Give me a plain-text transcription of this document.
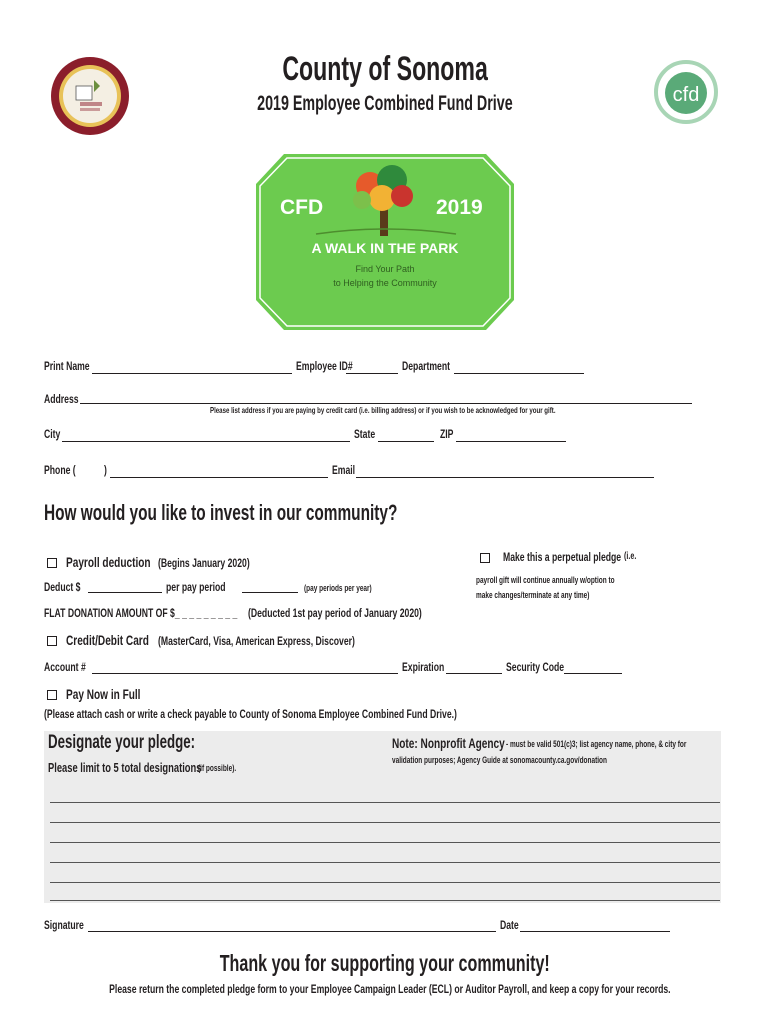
County of Sonoma
2019 Employee Combined Fund Drive	cfd
CFD	2019
A WALK IN THE PARK
Find Your Path
to Helping the Community
Print Name	Employee ID#	Department
Address
Please list address if you are paying by credit card (i.e. billing address) or if you wish to be acknowledged for your gift.
City	State	ZIP
Phone ( )	Email
How would you like to invest in our community?
Payroll deduction (Begins January 2020)
Deduct $	per pay period	(pay periods per year)
FLAT DONATION AMOUNT OF $_ _ _ _ _ _ _ _ _ (Deducted 1st pay period of January 2020)
Make this a perpetual pledge (i.e.
payroll gift will continue annually w/option to
make changes/terminate at any time)
Credit/Debit Card (MasterCard, Visa, American Express, Discover)
Account #	Expiration	Security Code
Pay Now in Full
(Please attach cash or write a check payable to County of Sonoma Employee Combined Fund Drive.)
Designate your pledge:
Please limit to 5 total designations
(if possible).
Note: Nonprofit Agency - must be valid 501(c)3; list agency name, phone, & city for
validation purposes; Agency Guide at sonomacounty.ca.gov/donation
Signature	Date
Thank you for supporting your community!
Please return the completed pledge form to your Employee Campaign Leader (ECL) or Auditor Payroll, and keep a copy for your records.
